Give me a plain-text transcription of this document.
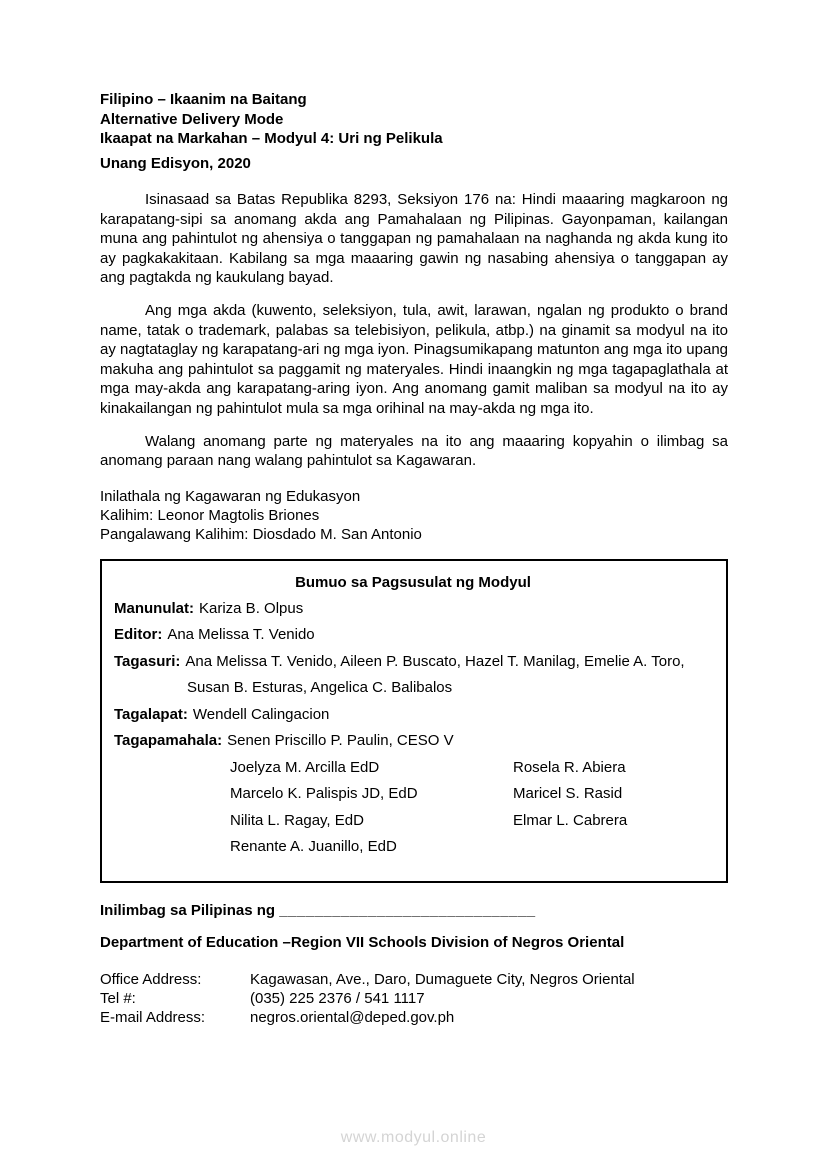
Filipino – Ikaanim na Baitang
Alternative Delivery Mode
Ikaapat na Markahan – Modyul 4: Uri ng Pelikula
Unang Edisyon, 2020

Isinasaad sa Batas Republika 8293, Seksiyon 176 na: Hindi maaaring magkaroon ng karapatang-sipi sa anomang akda ang Pamahalaan ng Pilipinas. Gayonpaman, kailangan muna ang pahintulot ng ahensiya o tanggapan ng pamahalaan na naghanda ng akda kung ito ay pagkakakitaan. Kabilang sa mga maaaring gawin ng nasabing ahensiya o tanggapan ay ang pagtakda ng kaukulang bayad.

Ang mga akda (kuwento, seleksiyon, tula, awit, larawan, ngalan ng produkto o brand name, tatak o trademark, palabas sa telebisiyon, pelikula, atbp.) na ginamit sa modyul na ito ay nagtataglay ng karapatang-ari ng mga iyon. Pinagsumikapang matunton ang mga ito upang makuha ang pahintulot sa paggamit ng materyales. Hindi inaangkin ng mga tagapaglathala at mga may-akda ang karapatang-aring iyon. Ang anomang gamit maliban sa modyul na ito ay kinakailangan ng pahintulot mula sa mga orihinal na may-akda ng mga ito.

Walang anomang parte ng materyales na ito ang maaaring kopyahin o ilimbag sa anomang paraan nang walang pahintulot sa Kagawaran.

Inilathala ng Kagawaran ng Edukasyon
Kalihim: Leonor Magtolis Briones
Pangalawang Kalihim: Diosdado M. San Antonio
Bumuo sa Pagsusulat ng Modyul
Manunulat: Kariza B. Olpus
Editor: Ana Melissa T. Venido
Tagasuri: Ana Melissa T. Venido, Aileen P. Buscato, Hazel T. Manilag, Emelie A. Toro,
Susan B. Esturas, Angelica C. Balibalos
Tagalapat: Wendell Calingacion
Tagapamahala: Senen Priscillo P. Paulin, CESO V
Joelyza M. Arcilla EdD	Rosela R. Abiera
Marcelo K. Palispis JD, EdD	Maricel S. Rasid
Nilita L. Ragay, EdD	Elmar L. Cabrera
Renante A. Juanillo, EdD
Inilimbag sa Pilipinas ng _____________________________
Department of Education –Region VII Schools Division of Negros Oriental
Office Address:	Kagawasan, Ave., Daro, Dumaguete City, Negros Oriental
Tel #:	(035) 225 2376 / 541 1117
E-mail Address:	negros.oriental@deped.gov.ph
www.modyul.online
